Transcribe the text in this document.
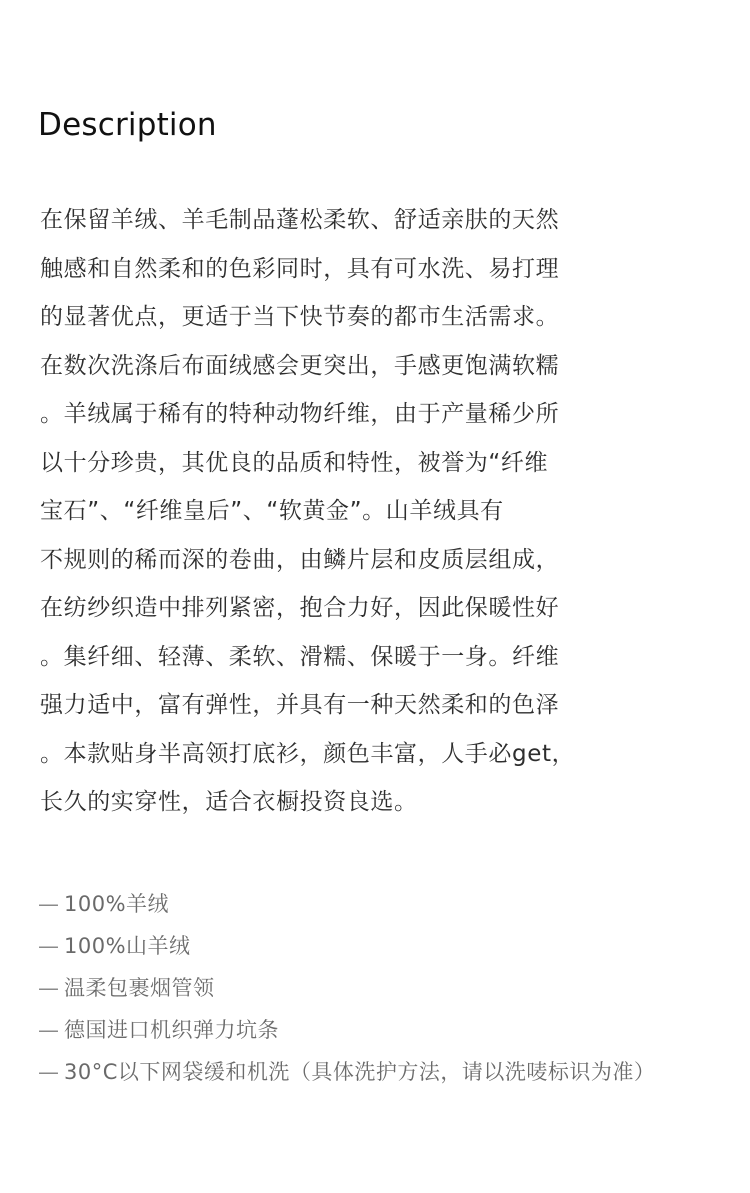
Description
在保留羊绒、羊毛制品蓬松柔软、舒适亲肤的天然
触感和自然柔和的色彩同时，具有可水洗、易打理
的显著优点，更适于当下快节奏的都市生活需求。
在数次洗涤后布面绒感会更突出，手感更饱满软糯
。羊绒属于稀有的特种动物纤维，由于产量稀少所
以十分珍贵，其优良的品质和特性，被誉为“纤维
宝石”、“纤维皇后”、“软黄金”。山羊绒具有
不规则的稀而深的卷曲，由鳞片层和皮质层组成，
在纺纱织造中排列紧密，抱合力好，因此保暖性好
。集纤细、轻薄、柔软、滑糯、保暖于一身。纤维
强力适中，富有弹性，并具有一种天然柔和的色泽
。本款贴身半高领打底衫，颜色丰富，人手必get，
长久的实穿性，适合衣橱投资良选。
— 100%羊绒
— 100%山羊绒
— 温柔包裹烟管领
— 德国进口机织弹力坑条
— 30°C以下网袋缓和机洗（具体洗护方法，请以洗唛标识为准）
